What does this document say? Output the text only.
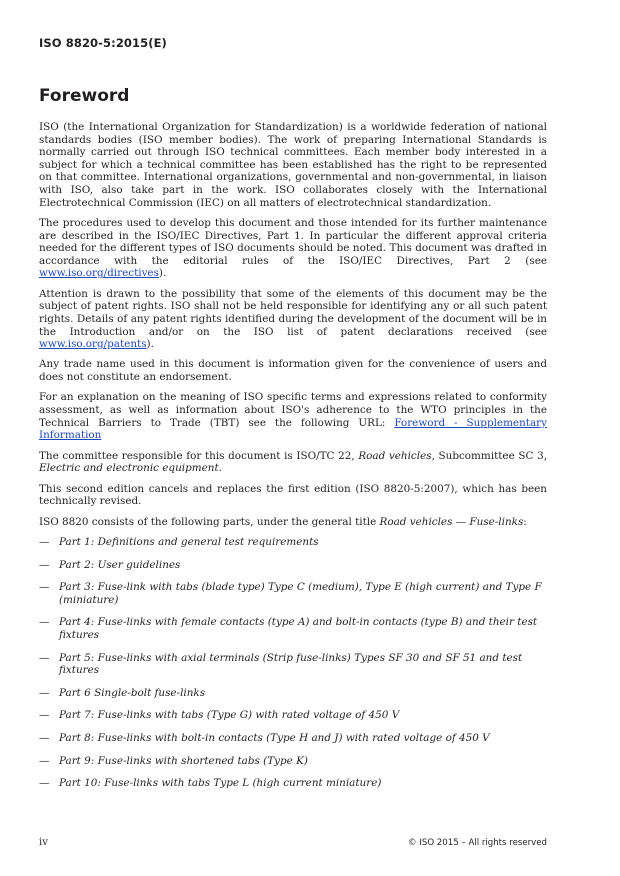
ISO 8820-5:2015(E)
Foreword

ISO (the International Organization for Standardization) is a worldwide federation of national standards bodies (ISO member bodies). The work of preparing International Standards is normally carried out through ISO technical committees. Each member body interested in a subject for which a technical committee has been established has the right to be represented on that committee. International organizations, governmental and non-governmental, in liaison with ISO, also take part in the work. ISO collaborates closely with the International Electrotechnical Commission (IEC) on all matters of electrotechnical standardization.

The procedures used to develop this document and those intended for its further maintenance are described in the ISO/IEC Directives, Part 1. In particular the different approval criteria needed for the different types of ISO documents should be noted. This document was drafted in accordance with the editorial rules of the ISO/IEC Directives, Part 2 (see www.iso.org/directives).

Attention is drawn to the possibility that some of the elements of this document may be the subject of patent rights. ISO shall not be held responsible for identifying any or all such patent rights. Details of any patent rights identified during the development of the document will be in the Introduction and/or on the ISO list of patent declarations received (see www.iso.org/patents).

Any trade name used in this document is information given for the convenience of users and does not constitute an endorsement.

For an explanation on the meaning of ISO specific terms and expressions related to conformity assessment, as well as information about ISO's adherence to the WTO principles in the Technical Barriers to Trade (TBT) see the following URL: Foreword - Supplementary Information

The committee responsible for this document is ISO/TC 22, Road vehicles, Subcommittee SC 3, Electric and electronic equipment.

This second edition cancels and replaces the first edition (ISO 8820-5:2007), which has been technically revised.

ISO 8820 consists of the following parts, under the general title Road vehicles — Fuse-links:

— Part 1: Definitions and general test requirements
— Part 2: User guidelines
— Part 3: Fuse-link with tabs (blade type) Type C (medium), Type E (high current) and Type F (miniature)
— Part 4: Fuse-links with female contacts (type A) and bolt-in contacts (type B) and their test fixtures
— Part 5: Fuse-links with axial terminals (Strip fuse-links) Types SF 30 and SF 51 and test fixtures
— Part 6 Single-bolt fuse-links
— Part 7: Fuse-links with tabs (Type G) with rated voltage of 450 V
— Part 8: Fuse-links with bolt-in contacts (Type H and J) with rated voltage of 450 V
— Part 9: Fuse-links with shortened tabs (Type K)
— Part 10: Fuse-links with tabs Type L (high current miniature)
iv	© ISO 2015 – All rights reserved
